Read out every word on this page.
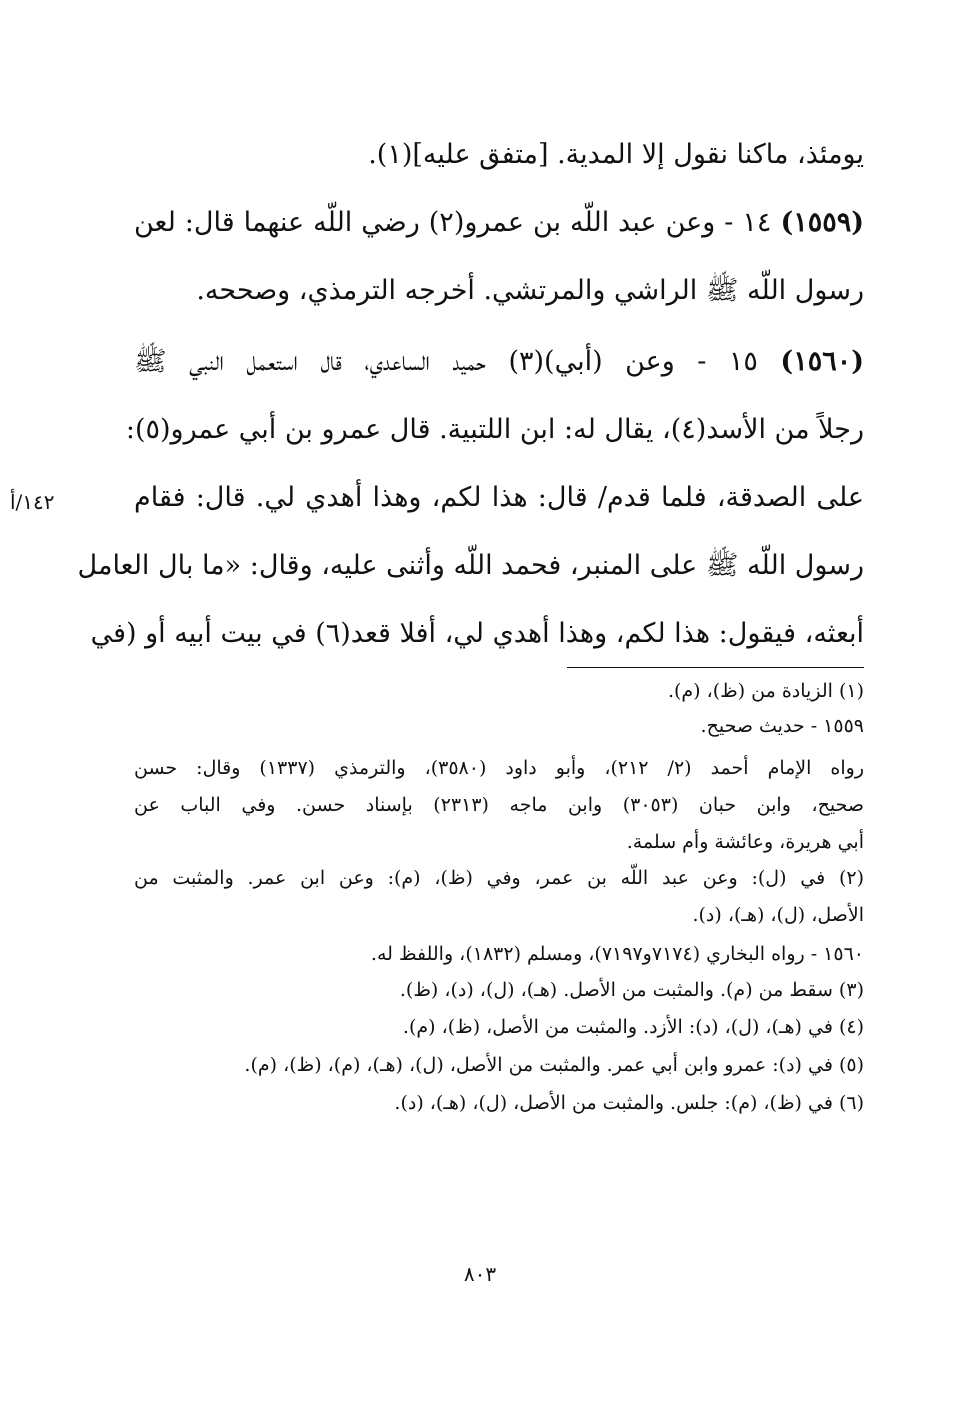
يومئذ، ماكنا نقول إلا المدية. [متفق عليه](١).
(١٥٥٩) ١٤ - وعن عبد اللّه بن عمرو(٢) رضي اللّه عنهما قال: لعن
رسول اللّه ﷺ الراشي والمرتشي. أخرجه الترمذي، وصححه.
(١٥٦٠) ١٥ - وعن (أبي)(٣) حميد الساعدي، قال استعمل النبي ﷺ
رجلاً من الأسد(٤)، يقال له: ابن اللتبية. قال عمرو بن أبي عمرو(٥):
على الصدقة، فلما قدم/ قال: هذا لكم، وهذا أهدي لي. قال: فقام
رسول اللّه ﷺ على المنبر، فحمد اللّه وأثنى عليه، وقال: «ما بال العامل
أبعثه، فيقول: هذا لكم، وهذا أهدي لي، أفلا قعد(٦) في بيت أبيه أو (في
١٤٢/أ
(١) الزيادة من (ظ)، (م).
١٥٥٩ - حديث صحيح.
رواه الإمام أحمد (٢/ ٢١٢)، وأبو داود (٣٥٨٠)، والترمذي (١٣٣٧) وقال: حسن
صحيح، وابن حبان (٣٠٥٣) وابن ماجه (٢٣١٣) بإسناد حسن. وفي الباب عن
أبي هريرة، وعائشة وأم سلمة.
(٢) في (ل): وعن عبد اللّه بن عمر، وفي (ظ)، (م): وعن ابن عمر. والمثبت من
الأصل، (ل)، (هـ)، (د).
١٥٦٠ - رواه البخاري (٧١٧٤و٧١٩٧)، ومسلم (١٨٣٢)، واللفظ له.
(٣) سقط من (م). والمثبت من الأصل. (هـ)، (ل)، (د)، (ظ).
(٤) في (هـ)، (ل)، (د): الأزد. والمثبت من الأصل، (ظ)، (م).
(٥) في (د): عمرو وابن أبي عمر. والمثبت من الأصل، (ل)، (هـ)، (م)، (ظ)، (م).
(٦) في (ظ)، (م): جلس. والمثبت من الأصل، (ل)، (هـ)، (د).
٨٠٣
